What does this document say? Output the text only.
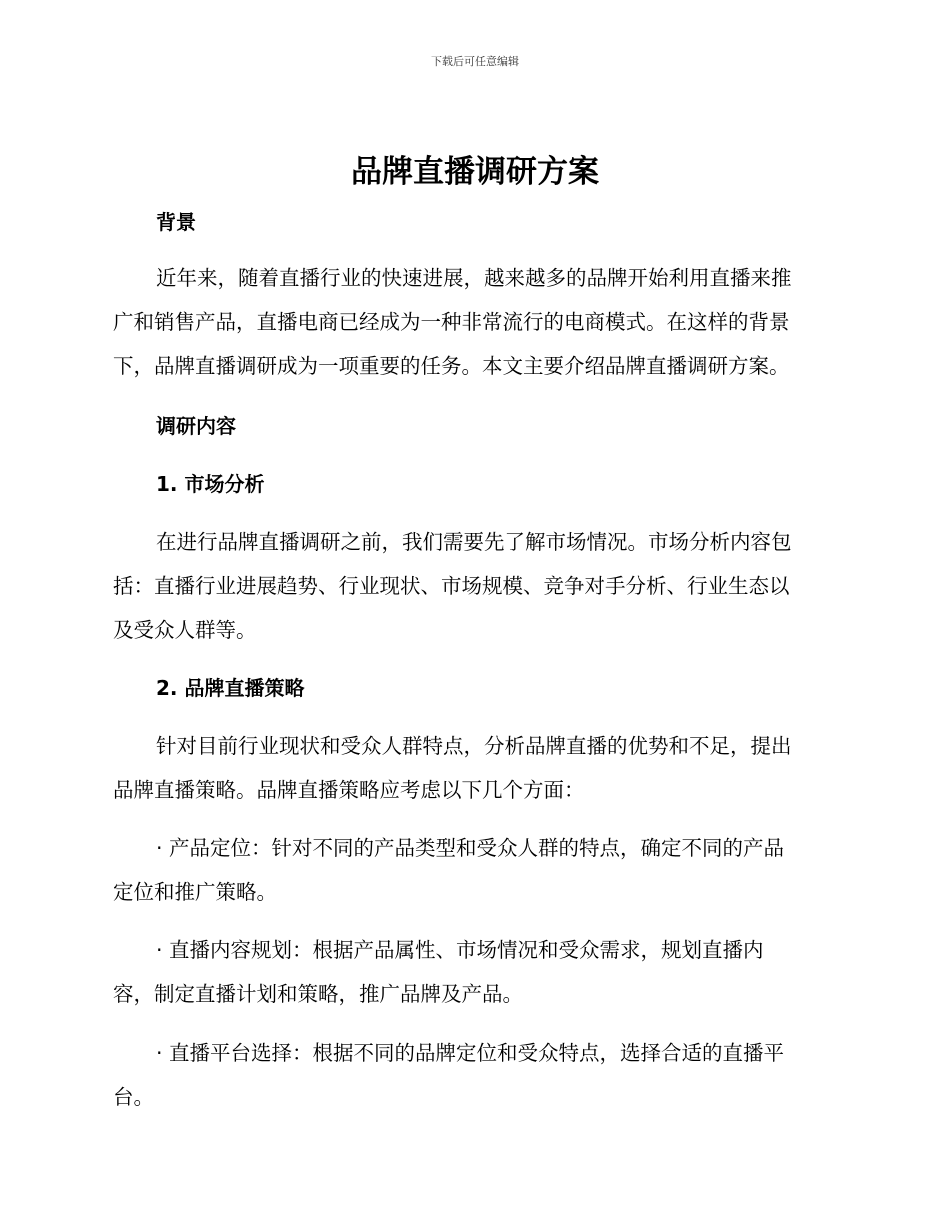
下载后可任意编辑
品牌直播调研方案
背景
近年来，随着直播行业的快速进展，越来越多的品牌开始利用直播来推
广和销售产品，直播电商已经成为一种非常流行的电商模式。在这样的背景
下，品牌直播调研成为一项重要的任务。本文主要介绍品牌直播调研方案。
调研内容
1. 市场分析
在进行品牌直播调研之前，我们需要先了解市场情况。市场分析内容包
括：直播行业进展趋势、行业现状、市场规模、竞争对手分析、行业生态以
及受众人群等。
2. 品牌直播策略
针对目前行业现状和受众人群特点，分析品牌直播的优势和不足，提出
品牌直播策略。品牌直播策略应考虑以下几个方面：
· 产品定位：针对不同的产品类型和受众人群的特点，确定不同的产品
定位和推广策略。
· 直播内容规划：根据产品属性、市场情况和受众需求，规划直播内
容，制定直播计划和策略，推广品牌及产品。
· 直播平台选择：根据不同的品牌定位和受众特点，选择合适的直播平
台。
